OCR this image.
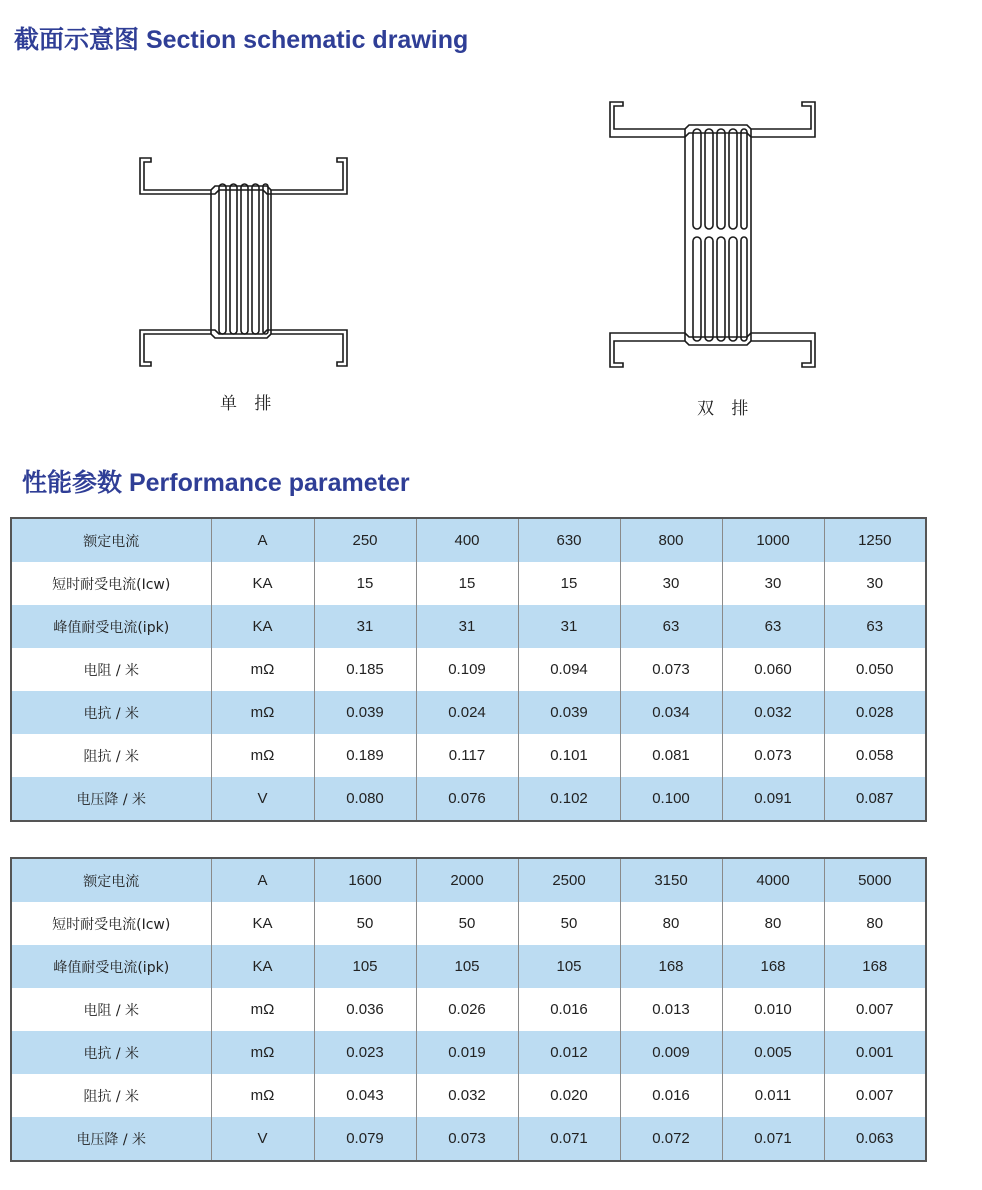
截面示意图 Section schematic drawing
单 排	双 排
性能参数 Performance parameter
额定电流	A	250	400	630	800	1000	1250
短时耐受电流(Icw)	KA	15	15	15	30	30	30
峰值耐受电流(ipk)	KA	31	31	31	63	63	63
电阻 / 米	mΩ	0.185	0.109	0.094	0.073	0.060	0.050
电抗 / 米	mΩ	0.039	0.024	0.039	0.034	0.032	0.028
阻抗 / 米	mΩ	0.189	0.117	0.101	0.081	0.073	0.058
电压降 / 米	V	0.080	0.076	0.102	0.100	0.091	0.087
额定电流	A	1600	2000	2500	3150	4000	5000
短时耐受电流(Icw)	KA	50	50	50	80	80	80
峰值耐受电流(ipk)	KA	105	105	105	168	168	168
电阻 / 米	mΩ	0.036	0.026	0.016	0.013	0.010	0.007
电抗 / 米	mΩ	0.023	0.019	0.012	0.009	0.005	0.001
阻抗 / 米	mΩ	0.043	0.032	0.020	0.016	0.011	0.007
电压降 / 米	V	0.079	0.073	0.071	0.072	0.071	0.063
